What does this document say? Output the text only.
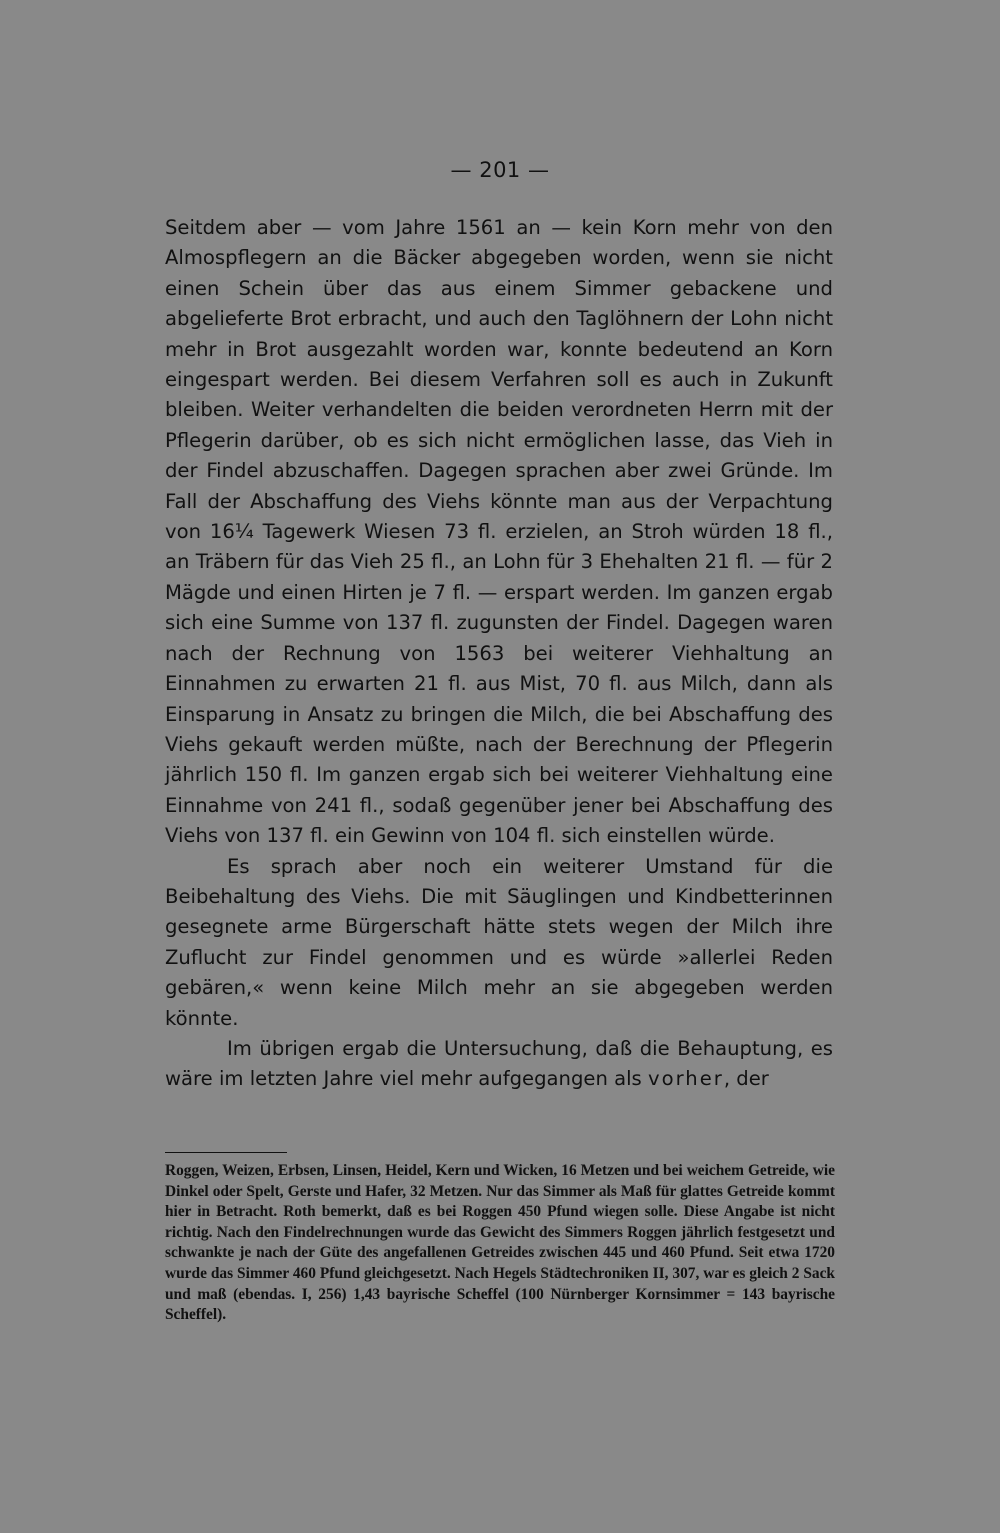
— 201 —

Seitdem aber — vom Jahre 1561 an — kein Korn mehr von den Almospflegern an die Bäcker abgegeben worden, wenn sie nicht einen Schein über das aus einem Simmer gebackene und abgelieferte Brot erbracht, und auch den Taglöhnern der Lohn nicht mehr in Brot ausgezahlt worden war, konnte bedeutend an Korn eingespart werden. Bei diesem Verfahren soll es auch in Zukunft bleiben. Weiter verhandelten die beiden verordneten Herrn mit der Pflegerin darüber, ob es sich nicht ermöglichen lasse, das Vieh in der Findel abzuschaffen. Dagegen sprachen aber zwei Gründe. Im Fall der Abschaffung des Viehs könnte man aus der Verpachtung von 16¼ Tagewerk Wiesen 73 fl. erzielen, an Stroh würden 18 fl., an Träbern für das Vieh 25 fl., an Lohn für 3 Ehehalten 21 fl. — für 2 Mägde und einen Hirten je 7 fl. — erspart werden. Im ganzen ergab sich eine Summe von 137 fl. zugunsten der Findel. Dagegen waren nach der Rechnung von 1563 bei weiterer Viehhaltung an Einnahmen zu erwarten 21 fl. aus Mist, 70 fl. aus Milch, dann als Einsparung in Ansatz zu bringen die Milch, die bei Abschaffung des Viehs gekauft werden müßte, nach der Berechnung der Pflegerin jährlich 150 fl. Im ganzen ergab sich bei weiterer Viehhaltung eine Einnahme von 241 fl., sodaß gegenüber jener bei Abschaffung des Viehs von 137 fl. ein Gewinn von 104 fl. sich einstellen würde.

Es sprach aber noch ein weiterer Umstand für die Beibehaltung des Viehs. Die mit Säuglingen und Kindbetterinnen gesegnete arme Bürgerschaft hätte stets wegen der Milch ihre Zuflucht zur Findel genommen und es würde »allerlei Reden gebären,« wenn keine Milch mehr an sie abgegeben werden könnte.

Im übrigen ergab die Untersuchung, daß die Behauptung, es wäre im letzten Jahre viel mehr aufgegangen als vorher, der

Roggen, Weizen, Erbsen, Linsen, Heidel, Kern und Wicken, 16 Metzen und bei weichem Getreide, wie Dinkel oder Spelt, Gerste und Hafer, 32 Metzen. Nur das Simmer als Maß für glattes Getreide kommt hier in Betracht. Roth bemerkt, daß es bei Roggen 450 Pfund wiegen solle. Diese Angabe ist nicht richtig. Nach den Findelrechnungen wurde das Gewicht des Simmers Roggen jährlich festgesetzt und schwankte je nach der Güte des angefallenen Getreides zwischen 445 und 460 Pfund. Seit etwa 1720 wurde das Simmer 460 Pfund gleichgesetzt. Nach Hegels Städtechroniken II, 307, war es gleich 2 Sack und maß (ebendas. I, 256) 1,43 bayrische Scheffel (100 Nürnberger Kornsimmer = 143 bayrische Scheffel).
